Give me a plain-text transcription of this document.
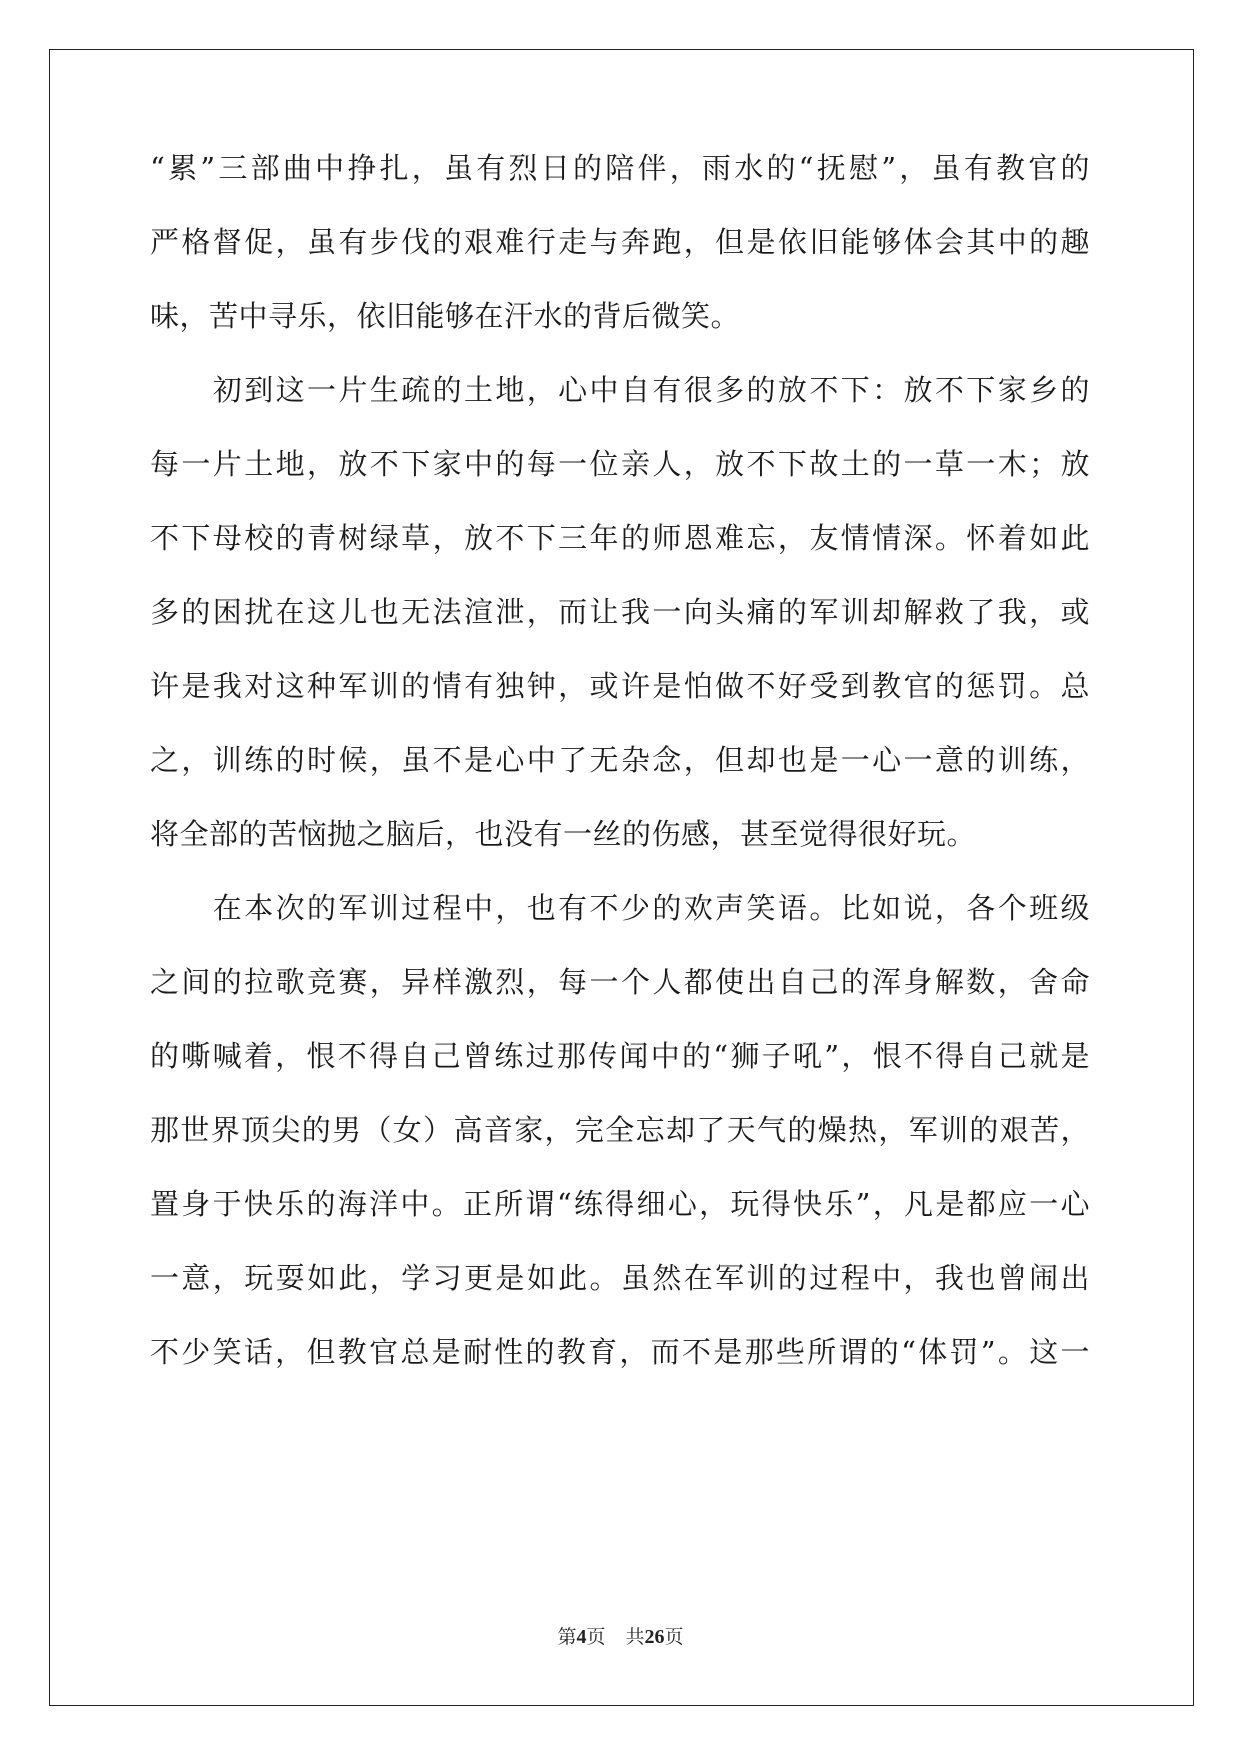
“累”三部曲中挣扎，虽有烈日的陪伴，雨水的“抚慰”，虽有教官的
严格督促，虽有步伐的艰难行走与奔跑，但是依旧能够体会其中的趣
味，苦中寻乐，依旧能够在汗水的背后微笑。
　　初到这一片生疏的土地，心中自有很多的放不下：放不下家乡的
每一片土地，放不下家中的每一位亲人，放不下故土的一草一木；放
不下母校的青树绿草，放不下三年的师恩难忘，友情情深。怀着如此
多的困扰在这儿也无法渲泄，而让我一向头痛的军训却解救了我，或
许是我对这种军训的情有独钟，或许是怕做不好受到教官的惩罚。总
之，训练的时候，虽不是心中了无杂念，但却也是一心一意的训练，
将全部的苦恼抛之脑后，也没有一丝的伤感，甚至觉得很好玩。
　　在本次的军训过程中，也有不少的欢声笑语。比如说，各个班级
之间的拉歌竞赛，异样激烈，每一个人都使出自己的浑身解数，舍命
的嘶喊着，恨不得自己曾练过那传闻中的“狮子吼”，恨不得自己就是
那世界顶尖的男（女）高音家，完全忘却了天气的燥热，军训的艰苦，
置身于快乐的海洋中。正所谓“练得细心，玩得快乐”，凡是都应一心
一意，玩耍如此，学习更是如此。虽然在军训的过程中，我也曾闹出
不少笑话，但教官总是耐性的教育，而不是那些所谓的“体罚”。这一
第4页 共26页
